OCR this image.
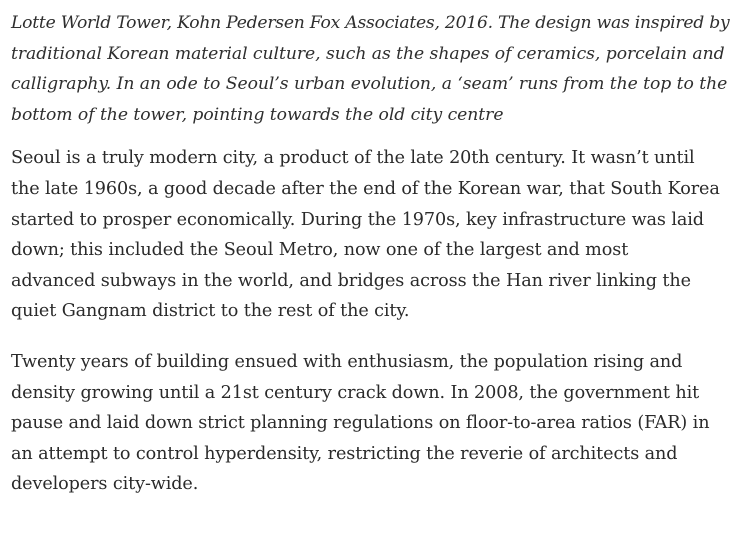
Lotte World Tower, Kohn Pedersen Fox Associates, 2016. The design was inspired by
traditional Korean material culture, such as the shapes of ceramics, porcelain and
calligraphy. In an ode to Seoul’s urban evolution, a ‘seam’ runs from the top to the
bottom of the tower, pointing towards the old city centre

Seoul is a truly modern city, a product of the late 20th century. It wasn’t until
the late 1960s, a good decade after the end of the Korean war, that South Korea
started to prosper economically. During the 1970s, key infrastructure was laid
down; this included the Seoul Metro, now one of the largest and most
advanced subways in the world, and bridges across the Han river linking the
quiet Gangnam district to the rest of the city.

Twenty years of building ensued with enthusiasm, the population rising and
density growing until a 21st century crack down. In 2008, the government hit
pause and laid down strict planning regulations on floor-to-area ratios (FAR) in
an attempt to control hyperdensity, restricting the reverie of architects and
developers city-wide.
